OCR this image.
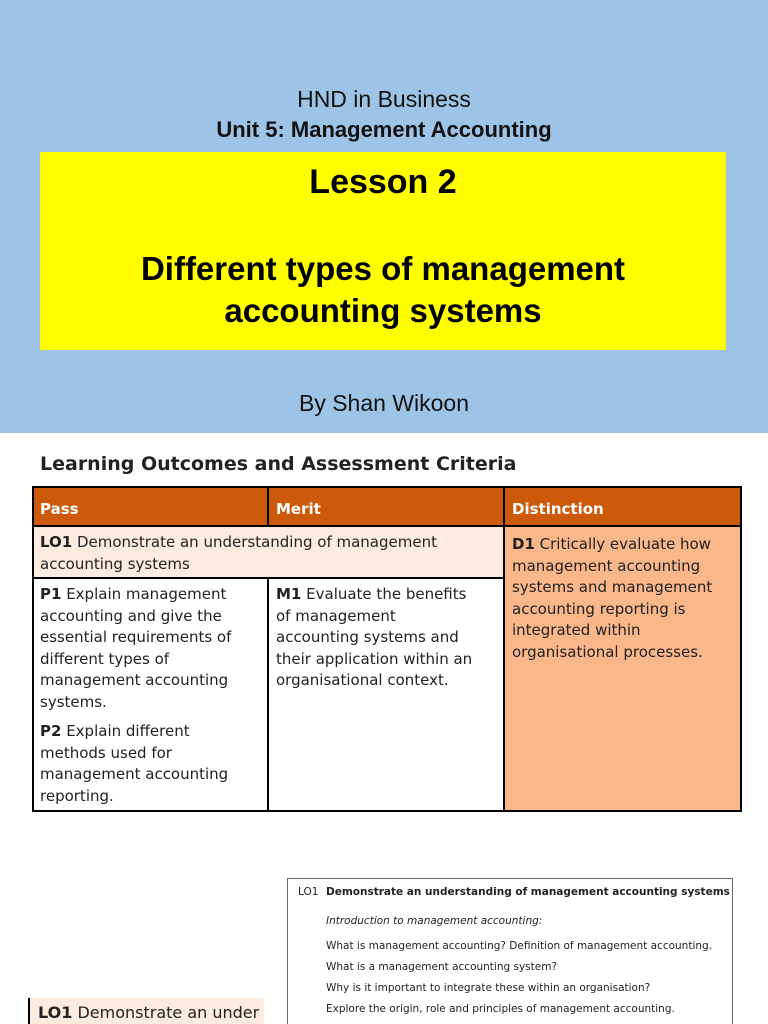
HND in Business
Unit 5: Management Accounting
Lesson 2
Different types of management
accounting systems
By Shan Wikoon
Learning Outcomes and Assessment Criteria
Pass	Merit	Distinction
LO1 Demonstrate an understanding of management
accounting systems
D1 Critically evaluate how
management accounting
systems and management
accounting reporting is
integrated within
organisational processes.
P1 Explain management
accounting and give the
essential requirements of
different types of
management accounting
systems.
P2 Explain different
methods used for
management accounting
reporting.
M1 Evaluate the benefits
of management
accounting systems and
their application within an
organisational context.
LO1 Demonstrate an understanding of management accounting systems
Introduction to management accounting:
What is management accounting? Definition of management accounting.
What is a management accounting system?
Why is it important to integrate these within an organisation?
Explore the origin, role and principles of management accounting.
LO1 Demonstrate an under
